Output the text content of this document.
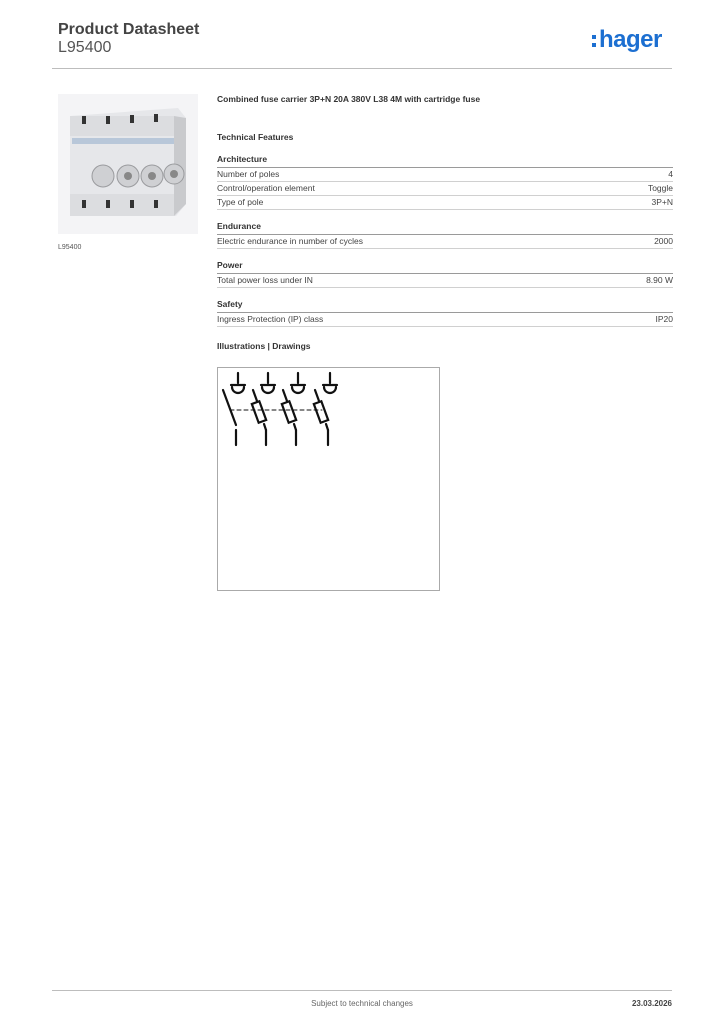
Product Datasheet
L95400	hager
L95400
Combined fuse carrier 3P+N 20A 380V L38 4M with cartridge fuse
Technical Features
Architecture
Number of poles	4
Control/operation element	Toggle
Type of pole	3P+N
Endurance
Electric endurance in number of cycles	2000
Power
Total power loss under IN	8.90 W
Safety
Ingress Protection (IP) class	IP20
Illustrations | Drawings
Subject to technical changes	23.03.2026
